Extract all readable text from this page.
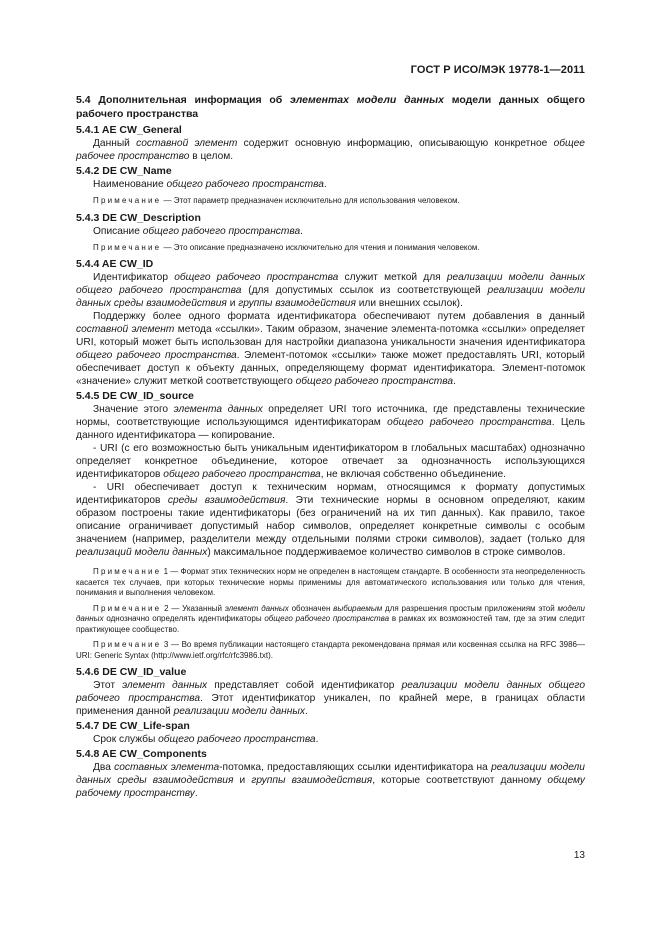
ГОСТ Р ИСО/МЭК 19778-1—2011

5.4 Дополнительная информация об элементах модели данных модели данных общего рабочего пространства

5.4.1 AE CW_General

Данный составной элемент содержит основную информацию, описывающую конкретное общее рабочее пространство в целом.

5.4.2 DE CW_Name

Наименование общего рабочего пространства.

Примечание — Этот параметр предназначен исключительно для использования человеком.

5.4.3 DE CW_Description

Описание общего рабочего пространства.

Примечание — Это описание предназначено исключительно для чтения и понимания человеком.

5.4.4 AE CW_ID

Идентификатор общего рабочего пространства служит меткой для реализации модели данных общего рабочего пространства (для допустимых ссылок из соответствующей реализации модели данных среды взаимодействия и группы взаимодействия или внешних ссылок).

Поддержку более одного формата идентификатора обеспечивают путем добавления в данный составной элемент метода «ссылки». Таким образом, значение элемента-потомка «ссылки» определяет URI, который может быть использован для настройки диапазона уникальности значения идентификатора общего рабочего пространства. Элемент-потомок «ссылки» также может предоставлять URI, который обеспечивает доступ к объекту данных, определяющему формат идентификатора. Элемент-потомок «значение» служит меткой соответствующего общего рабочего пространства.

5.4.5 DE CW_ID_source

Значение этого элемента данных определяет URI того источника, где представлены технические нормы, соответствующие использующимся идентификаторам общего рабочего пространства. Цель данного идентификатора — копирование.

- URI (с его возможностью быть уникальным идентификатором в глобальных масштабах) однозначно определяет конкретное объединение, которое отвечает за однозначность использующихся идентификаторов общего рабочего пространства, не включая собственно объединение.

- URI обеспечивает доступ к техническим нормам, относящимся к формату допустимых идентификаторов среды взаимодействия. Эти технические нормы в основном определяют, каким образом построены такие идентификаторы (без ограничений на их тип данных). Как правило, такое описание ограничивает допустимый набор символов, определяет конкретные символы с особым значением (например, разделители между отдельными полями строки символов), задает (только для реализаций модели данных) максимальное поддерживаемое количество символов в строке символов.

Примечание 1 — Формат этих технических норм не определен в настоящем стандарте. В особенности эта неопределенность касается тех случаев, при которых технические нормы применимы для автоматического использования или только для чтения, понимания и выполнения человеком.

Примечание 2 — Указанный элемент данных обозначен выбираемым для разрешения простым приложениям этой модели данных однозначно определять идентификаторы общего рабочего пространства в рамках их возможностей там, где за этим следит практикующее сообщество.

Примечание 3 — Во время публикации настоящего стандарта рекомендована прямая или косвенная ссылка на RFC 3986—URI: Generic Syntax (http://www.ietf.org/rfc/rfc3986.txt).

5.4.6 DE CW_ID_value

Этот элемент данных представляет собой идентификатор реализации модели данных общего рабочего пространства. Этот идентификатор уникален, по крайней мере, в границах области применения данной реализации модели данных.

5.4.7 DE CW_Life-span

Срок службы общего рабочего пространства.

5.4.8 AE CW_Components

Два составных элемента-потомка, предоставляющих ссылки идентификатора на реализации модели данных среды взаимодействия и группы взаимодействия, которые соответствуют данному общему рабочему пространству.

13
